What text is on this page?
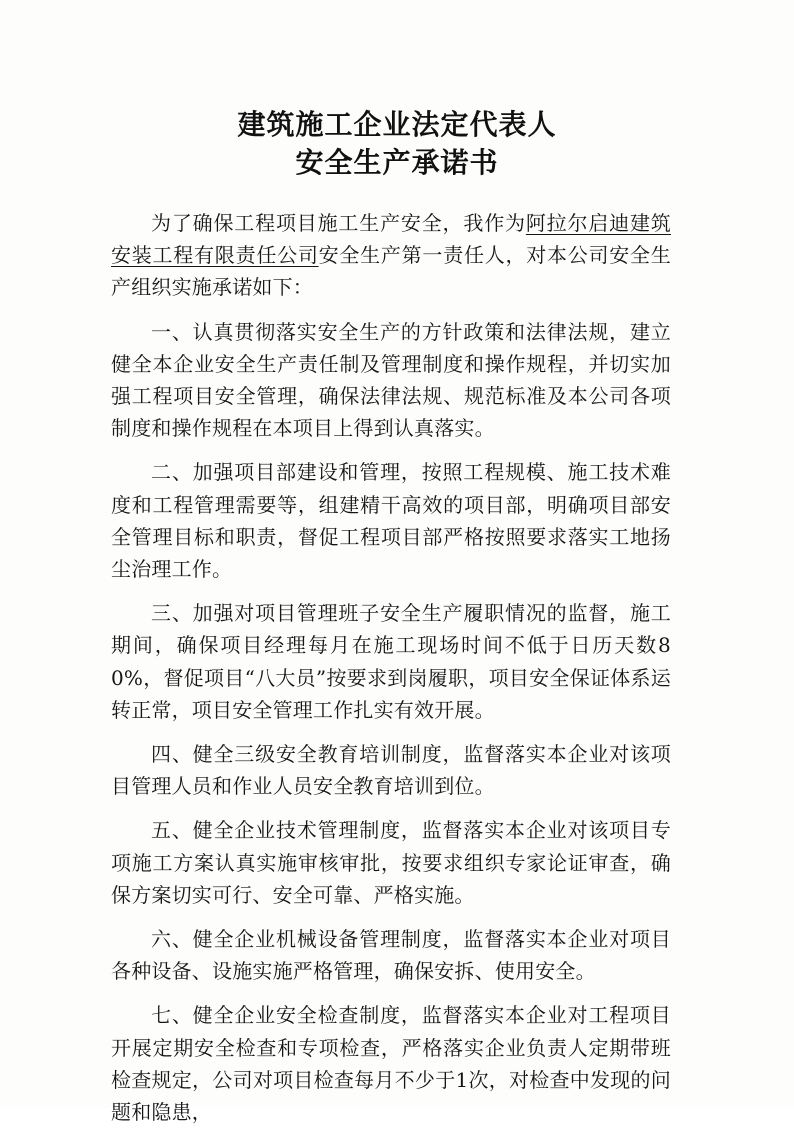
建筑施工企业法定代表人
安全生产承诺书

为了确保工程项目施工生产安全，我作为阿拉尔启迪建筑安装工程有限责任公司安全生产第一责任人，对本公司安全生产组织实施承诺如下：

一、认真贯彻落实安全生产的方针政策和法律法规，建立健全本企业安全生产责任制及管理制度和操作规程，并切实加强工程项目安全管理，确保法律法规、规范标准及本公司各项制度和操作规程在本项目上得到认真落实。

二、加强项目部建设和管理，按照工程规模、施工技术难度和工程管理需要等，组建精干高效的项目部，明确项目部安全管理目标和职责，督促工程项目部严格按照要求落实工地扬尘治理工作。

三、加强对项目管理班子安全生产履职情况的监督，施工期间，确保项目经理每月在施工现场时间不低于日历天数80%，督促项目“八大员”按要求到岗履职，项目安全保证体系运转正常，项目安全管理工作扎实有效开展。

四、健全三级安全教育培训制度，监督落实本企业对该项目管理人员和作业人员安全教育培训到位。

五、健全企业技术管理制度，监督落实本企业对该项目专项施工方案认真实施审核审批，按要求组织专家论证审查，确保方案切实可行、安全可靠、严格实施。

六、健全企业机械设备管理制度，监督落实本企业对项目各种设备、设施实施严格管理，确保安拆、使用安全。

七、健全企业安全检查制度，监督落实本企业对工程项目开展定期安全检查和专项检查，严格落实企业负责人定期带班检查规定，公司对项目检查每月不少于1次，对检查中发现的问题和隐患，
